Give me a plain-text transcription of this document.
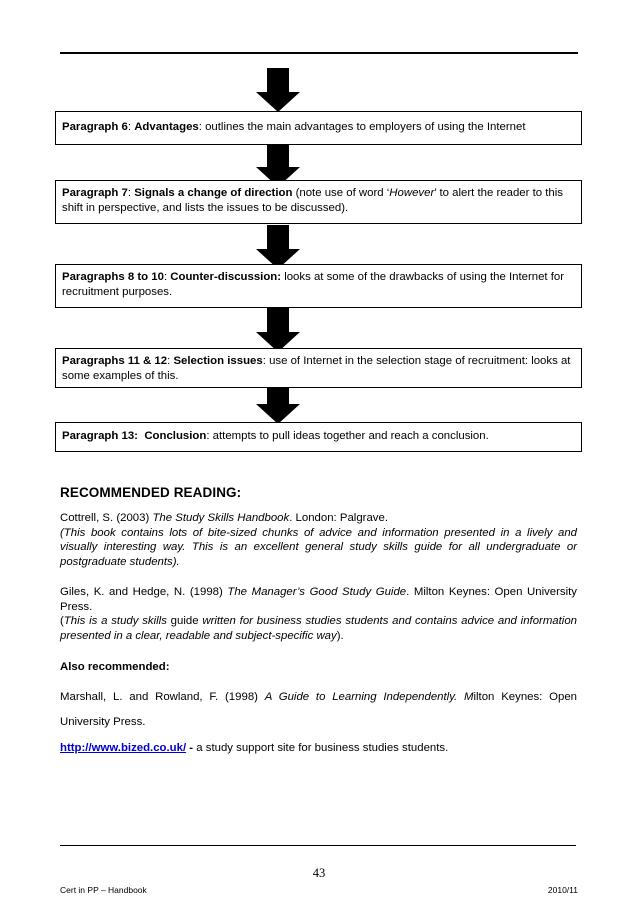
Paragraph 6: Advantages: outlines the main advantages to employers of using the Internet
Paragraph 7: Signals a change of direction (note use of word ‘However’ to alert the reader to this shift in perspective, and lists the issues to be discussed).
Paragraphs 8 to 10: Counter-discussion: looks at some of the drawbacks of using the Internet for recruitment purposes.
Paragraphs 11 & 12: Selection issues: use of Internet in the selection stage of recruitment: looks at some examples of this.
Paragraph 13: Conclusion: attempts to pull ideas together and reach a conclusion.
RECOMMENDED READING:
Cottrell, S. (2003) The Study Skills Handbook. London: Palgrave.
(This book contains lots of bite-sized chunks of advice and information presented in a lively and visually interesting way. This is an excellent general study skills guide for all undergraduate or postgraduate students).
Giles, K. and Hedge, N. (1998) The Manager’s Good Study Guide. Milton Keynes: Open University Press.
(This is a study skills guide written for business studies students and contains advice and information presented in a clear, readable and subject-specific way).
Also recommended:
Marshall, L. and Rowland, F. (1998) A Guide to Learning Independently. Milton Keynes: Open
University Press.
http://www.bized.co.uk/ - a study support site for business studies students.
43
Cert in PP – Handbook	2010/11
